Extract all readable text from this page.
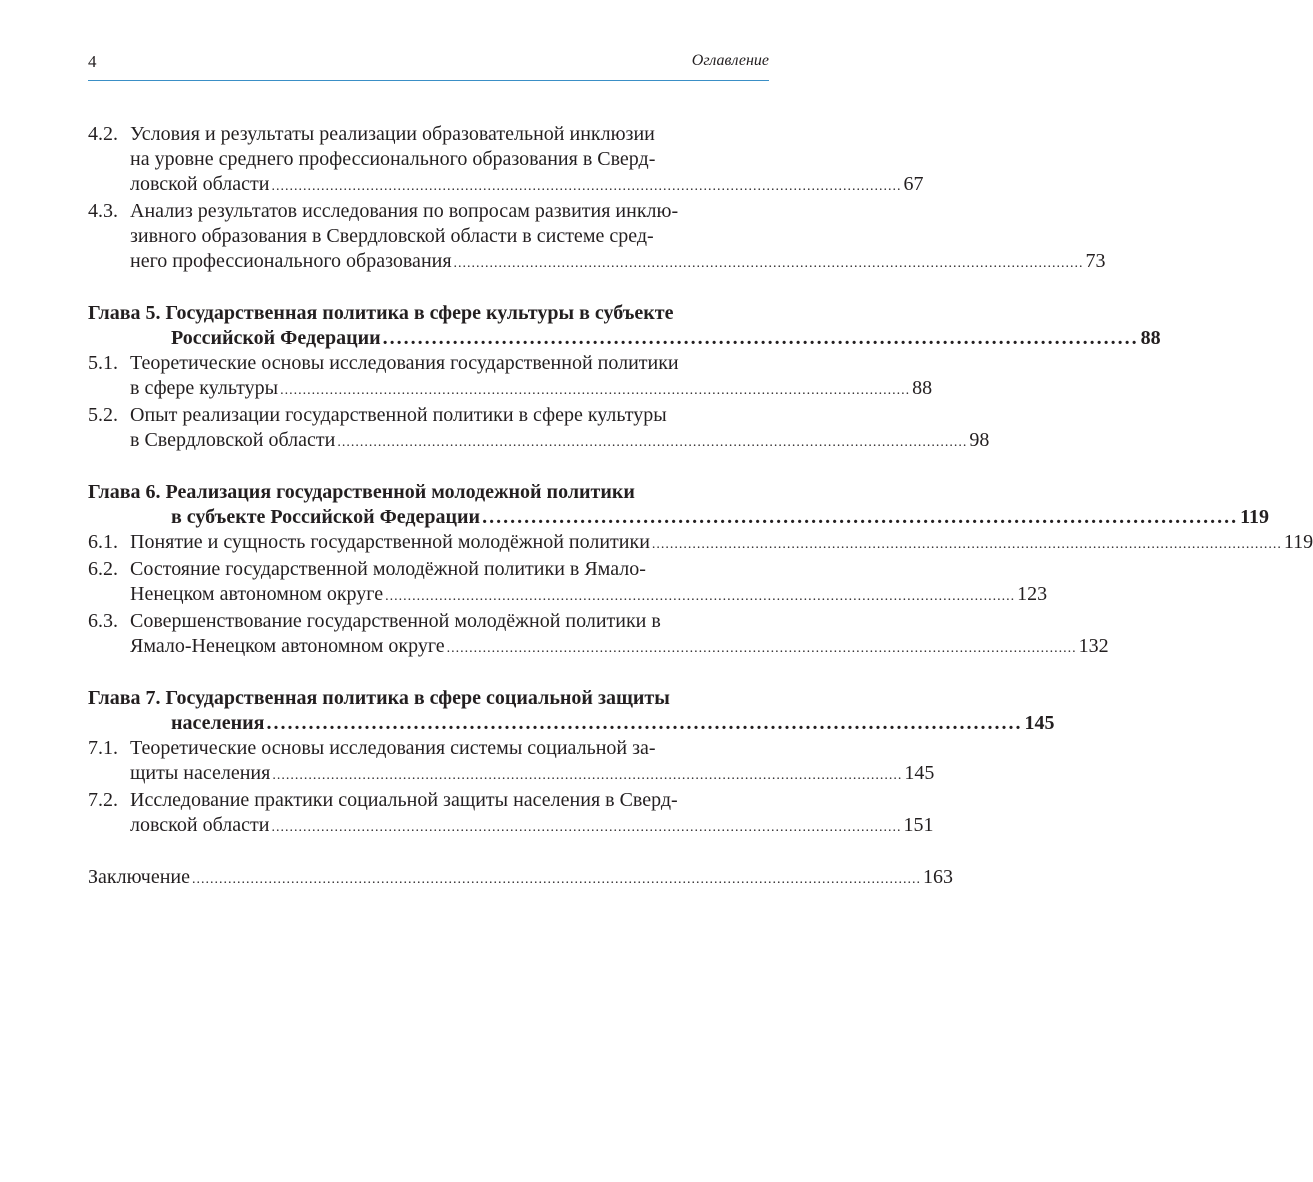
4	Оглавление
4.2. Условия и результаты реализации образовательной инклюзии
на уровне среднего профессионального образования в Сверд-
ловской области ............................................................................................................................................ 67
4.3. Анализ результатов исследования по вопросам развития инклю-
зивного образования в Свердловской области в системе сред-
него профессионального образования ............................................................................................................................................ 73
Глава 5. Государственная политика в сфере культуры в субъекте
Российской Федерации ............................................................................................................ 88
5.1. Теоретические основы исследования государственной политики
в сфере культуры ............................................................................................................................................ 88
5.2. Опыт реализации государственной политики в сфере культуры
в Свердловской области ............................................................................................................................................ 98
Глава 6. Реализация государственной молодежной политики
в субъекте Российской Федерации ............................................................................................................ 119
6.1. Понятие и сущность государственной молодёжной политики ............................................................................................................................................ 119
6.2. Состояние государственной молодёжной политики в Ямало-
Ненецком автономном округе ............................................................................................................................................ 123
6.3. Совершенствование государственной молодёжной политики в
Ямало-Ненецком автономном округе ............................................................................................................................................ 132
Глава 7. Государственная политика в сфере социальной защиты
населения ............................................................................................................ 145
7.1. Теоретические основы исследования системы социальной за-
щиты населения ............................................................................................................................................ 145
7.2. Исследование практики социальной защиты населения в Сверд-
ловской области ............................................................................................................................................ 151
Заключение .................................................................................................................................................................. 163
